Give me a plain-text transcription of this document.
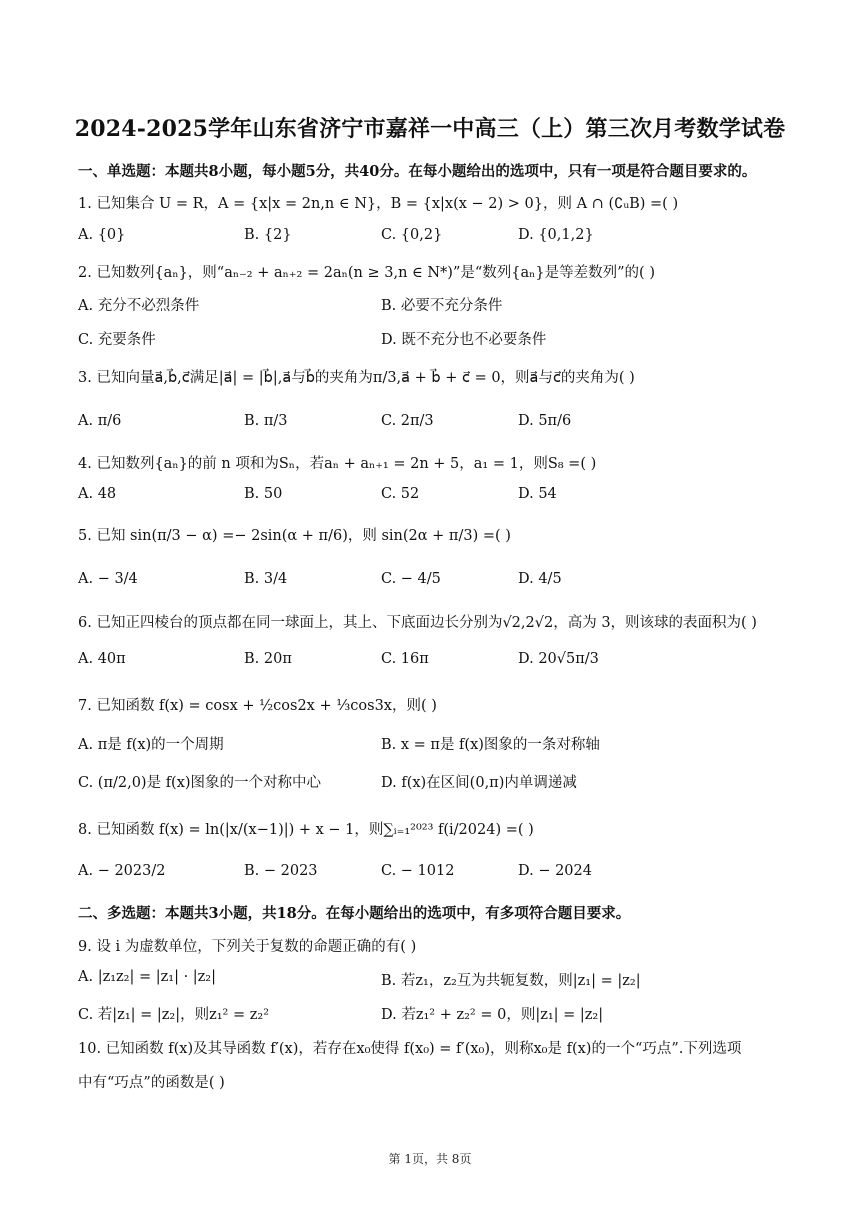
2024-2025学年山东省济宁市嘉祥一中高三（上）第三次月考数学试卷
一、单选题：本题共8小题，每小题5分，共40分。在每小题给出的选项中，只有一项是符合题目要求的。
1. 已知集合 U = R，A = {x|x = 2n,n ∈ N}，B = {x|x(x − 2) > 0}，则 A ∩ (∁ᵤB) =( )
A. {0}	B. {2}	C. {0,2}	D. {0,1,2}
2. 已知数列{aₙ}，则“aₙ₋₂ + aₙ₊₂ = 2aₙ(n ≥ 3,n ∈ N*)”是“数列{aₙ}是等差数列”的( )
A. 充分不必烈条件	B. 必要不充分条件
C. 充要条件	D. 既不充分也不必要条件
3. 已知向量a⃗,b⃗,c⃗满足|a⃗| = |b⃗|,a⃗与b⃗的夹角为π/3,a⃗ + b⃗ + c⃗ = 0，则a⃗与c⃗的夹角为( )
A. π/6	B. π/3	C. 2π/3	D. 5π/6
4. 已知数列{aₙ}的前 n 项和为Sₙ，若aₙ + aₙ₊₁ = 2n + 5，a₁ = 1，则S₈ =( )
A. 48	B. 50	C. 52	D. 54
5. 已知 sin(π/3 − α) =− 2sin(α + π/6)，则 sin(2α + π/3) =( )
A. − 3/4	B. 3/4	C. − 4/5	D. 4/5
6. 已知正四棱台的顶点都在同一球面上，其上、下底面边长分别为√2,2√2，高为 3，则该球的表面积为( )
A. 40π	B. 20π	C. 16π	D. 20√5π/3
7. 已知函数 f(x) = cosx + ½cos2x + ⅓cos3x，则( )
A. π是 f(x)的一个周期	B. x = π是 f(x)图象的一条对称轴
C. (π/2,0)是 f(x)图象的一个对称中心	D. f(x)在区间(0,π)内单调递减
8. 已知函数 f(x) = ln(|x/(x−1)|) + x − 1，则∑ᵢ₌₁²⁰²³ f(i/2024) =( )
A. − 2023/2	B. − 2023	C. − 1012	D. − 2024
二、多选题：本题共3小题，共18分。在每小题给出的选项中，有多项符合题目要求。
9. 设 i 为虚数单位，下列关于复数的命题正确的有( )
A. |z₁z₂| = |z₁| · |z₂|	B. 若z₁，z₂互为共轭复数，则|z₁| = |z₂|
C. 若|z₁| = |z₂|，则z₁² = z₂²	D. 若z₁² + z₂² = 0，则|z₁| = |z₂|
10. 已知函数 f(x)及其导函数 f′(x)，若存在x₀使得 f(x₀) = f′(x₀)，则称x₀是 f(x)的一个“巧点”.下列选项
中有“巧点”的函数是( )
第 1页，共 8页
